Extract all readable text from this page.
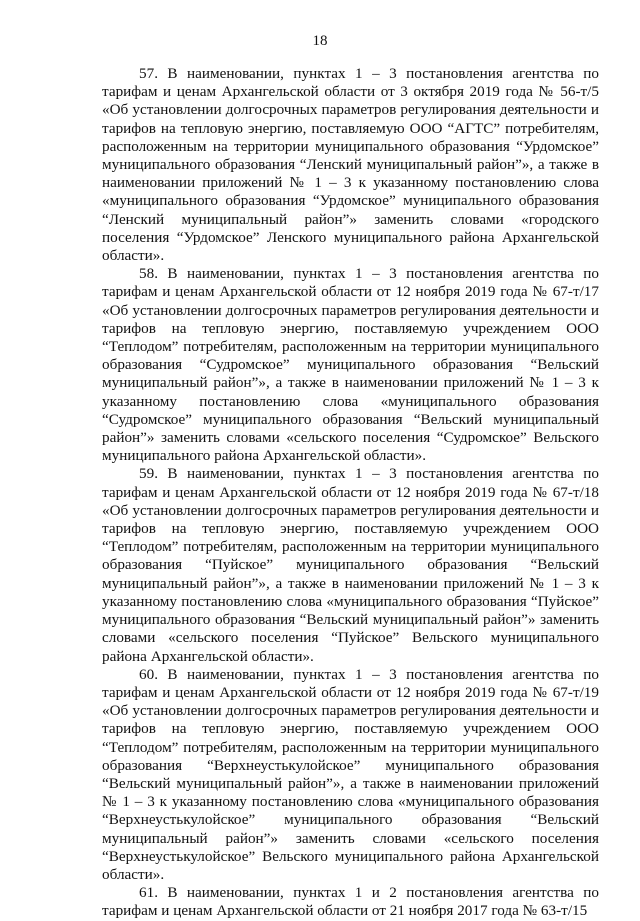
18

57. В наименовании, пунктах 1 – 3 постановления агентства по тарифам и ценам Архангельской области от 3 октября 2019 года № 56-т/5 «Об установлении долгосрочных параметров регулирования деятельности и тарифов на тепловую энергию, поставляемую ООО “АГТС” потребителям, расположенным на территории муниципального образования “Урдомское” муниципального образования “Ленский муниципальный район”», а также в наименовании приложений № 1 – 3 к указанному постановлению слова «муниципального образования “Урдомское” муниципального образования “Ленский муниципальный район”» заменить словами «городского поселения “Урдомское” Ленского муниципального района Архангельской области».

58. В наименовании, пунктах 1 – 3 постановления агентства по тарифам и ценам Архангельской области от 12 ноября 2019 года № 67-т/17 «Об установлении долгосрочных параметров регулирования деятельности и тарифов на тепловую энергию, поставляемую учреждением ООО “Теплодом” потребителям, расположенным на территории муниципального образования “Судромское” муниципального образования “Вельский муниципальный район”», а также в наименовании приложений № 1 – 3 к указанному постановлению слова «муниципального образования “Судромское” муниципального образования “Вельский муниципальный район”» заменить словами «сельского поселения “Судромское” Вельского муниципального района Архангельской области».

59. В наименовании, пунктах 1 – 3 постановления агентства по тарифам и ценам Архангельской области от 12 ноября 2019 года № 67-т/18 «Об установлении долгосрочных параметров регулирования деятельности и тарифов на тепловую энергию, поставляемую учреждением ООО “Теплодом” потребителям, расположенным на территории муниципального образования “Пуйское” муниципального образования “Вельский муниципальный район”», а также в наименовании приложений № 1 – 3 к указанному постановлению слова «муниципального образования “Пуйское” муниципального образования “Вельский муниципальный район”» заменить словами «сельского поселения “Пуйское” Вельского муниципального района Архангельской области».

60. В наименовании, пунктах 1 – 3 постановления агентства по тарифам и ценам Архангельской области от 12 ноября 2019 года № 67-т/19 «Об установлении долгосрочных параметров регулирования деятельности и тарифов на тепловую энергию, поставляемую учреждением ООО “Теплодом” потребителям, расположенным на территории муниципального образования “Верхнеустькулойское” муниципального образования “Вельский муниципальный район”», а также в наименовании приложений № 1 – 3 к указанному постановлению слова «муниципального образования “Верхнеустькулойское” муниципального образования “Вельский муниципальный район”» заменить словами «сельского поселения “Верхнеустькулойское” Вельского муниципального района Архангельской области».

61. В наименовании, пунктах 1 и 2 постановления агентства по тарифам и ценам Архангельской области от 21 ноября 2017 года № 63-т/15
